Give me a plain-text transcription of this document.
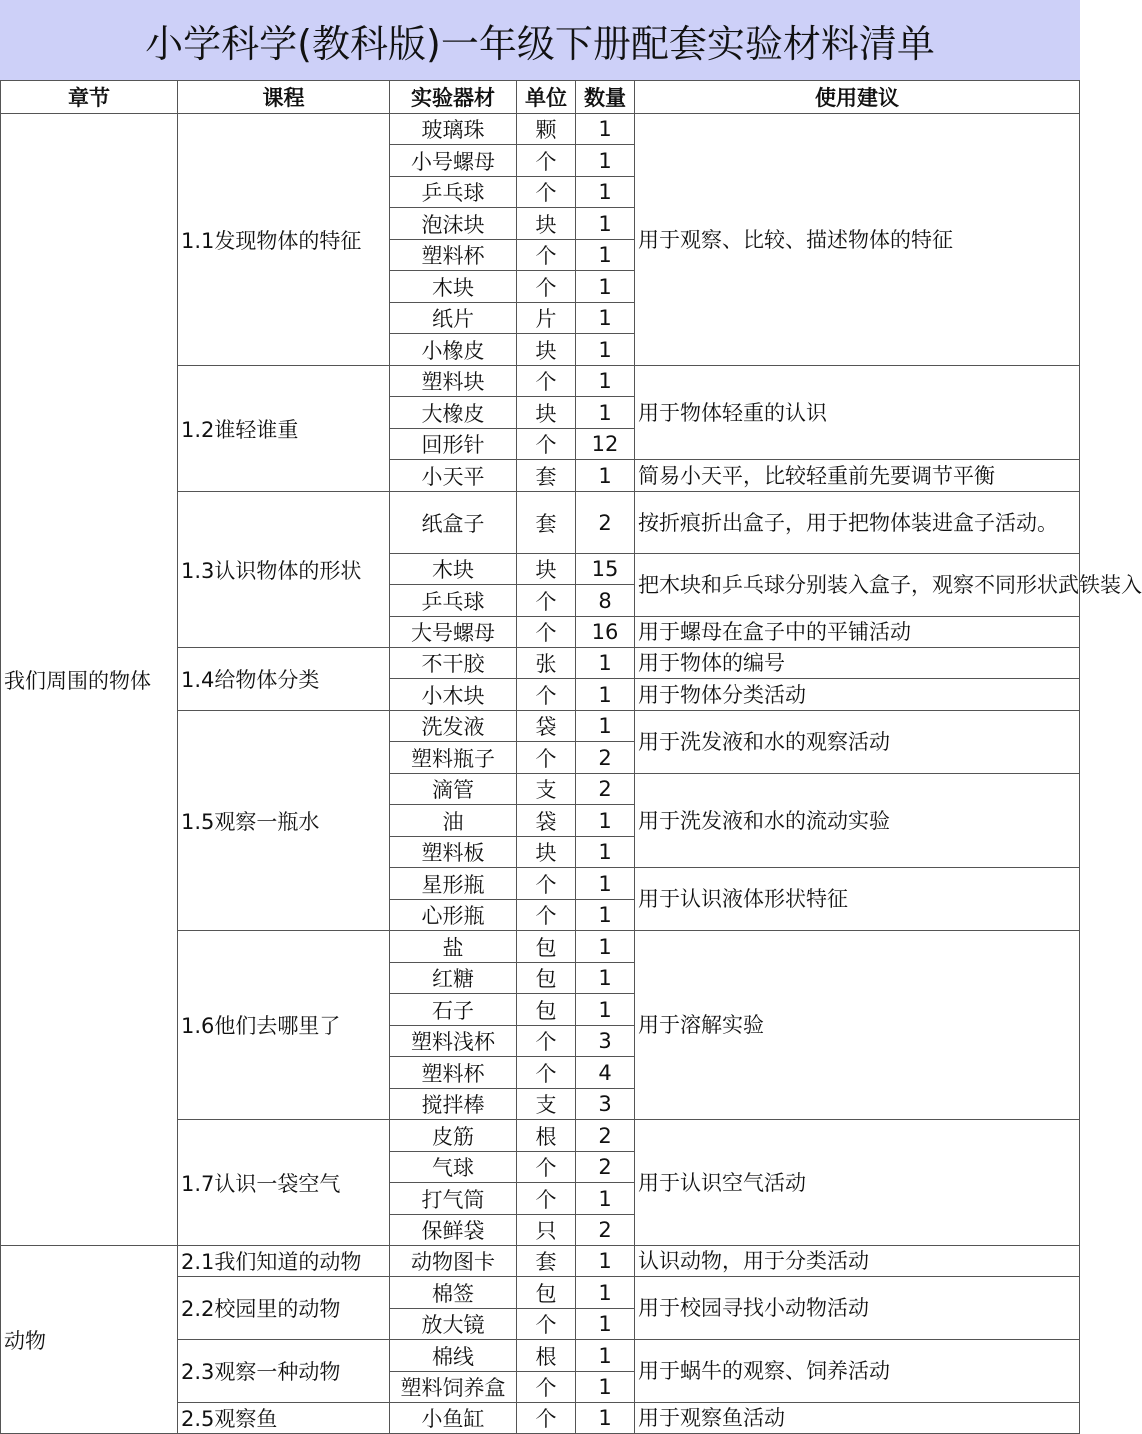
小学科学(教科版)一年级下册配套实验材料清单
章节	课程	实验器材	单位	数量	使用建议
我们周围的物体	1.1发现物体的特征	玻璃珠	颗	1	用于观察、比较、描述物体的特征
		小号螺母	个	1	
		乒乓球	个	1	
		泡沫块	块	1	
		塑料杯	个	1	
		木块	个	1	
		纸片	片	1	
		小橡皮	块	1	
	1.2谁轻谁重	塑料块	个	1	用于物体轻重的认识
		大橡皮	块	1	
		回形针	个	12	
		小天平	套	1	简易小天平，比较轻重前先要调节平衡
	1.3认识物体的形状	纸盒子	套	2	按折痕折出盒子，用于把物体装进盒子活动。
		木块	块	15	把木块和乒乓球分别装入盒子，观察不同形状武铁装入
		乒乓球	个	8	
		大号螺母	个	16	用于螺母在盒子中的平铺活动
	1.4给物体分类	不干胶	张	1	用于物体的编号
		小木块	个	1	用于物体分类活动
	1.5观察一瓶水	洗发液	袋	1	用于洗发液和水的观察活动
		塑料瓶子	个	2	
		滴管	支	2	用于洗发液和水的流动实验
		油	袋	1	
		塑料板	块	1	
		星形瓶	个	1	用于认识液体形状特征
		心形瓶	个	1	
	1.6他们去哪里了	盐	包	1	用于溶解实验
		红糖	包	1	
		石子	包	1	
		塑料浅杯	个	3	
		塑料杯	个	4	
		搅拌棒	支	3	
	1.7认识一袋空气	皮筋	根	2	用于认识空气活动
		气球	个	2	
		打气筒	个	1	
		保鲜袋	只	2	
动物	2.1我们知道的动物	动物图卡	套	1	认识动物，用于分类活动
	2.2校园里的动物	棉签	包	1	用于校园寻找小动物活动
		放大镜	个	1	
	2.3观察一种动物	棉线	根	1	用于蜗牛的观察、饲养活动
		塑料饲养盒	个	1	
	2.5观察鱼	小鱼缸	个	1	用于观察鱼活动
